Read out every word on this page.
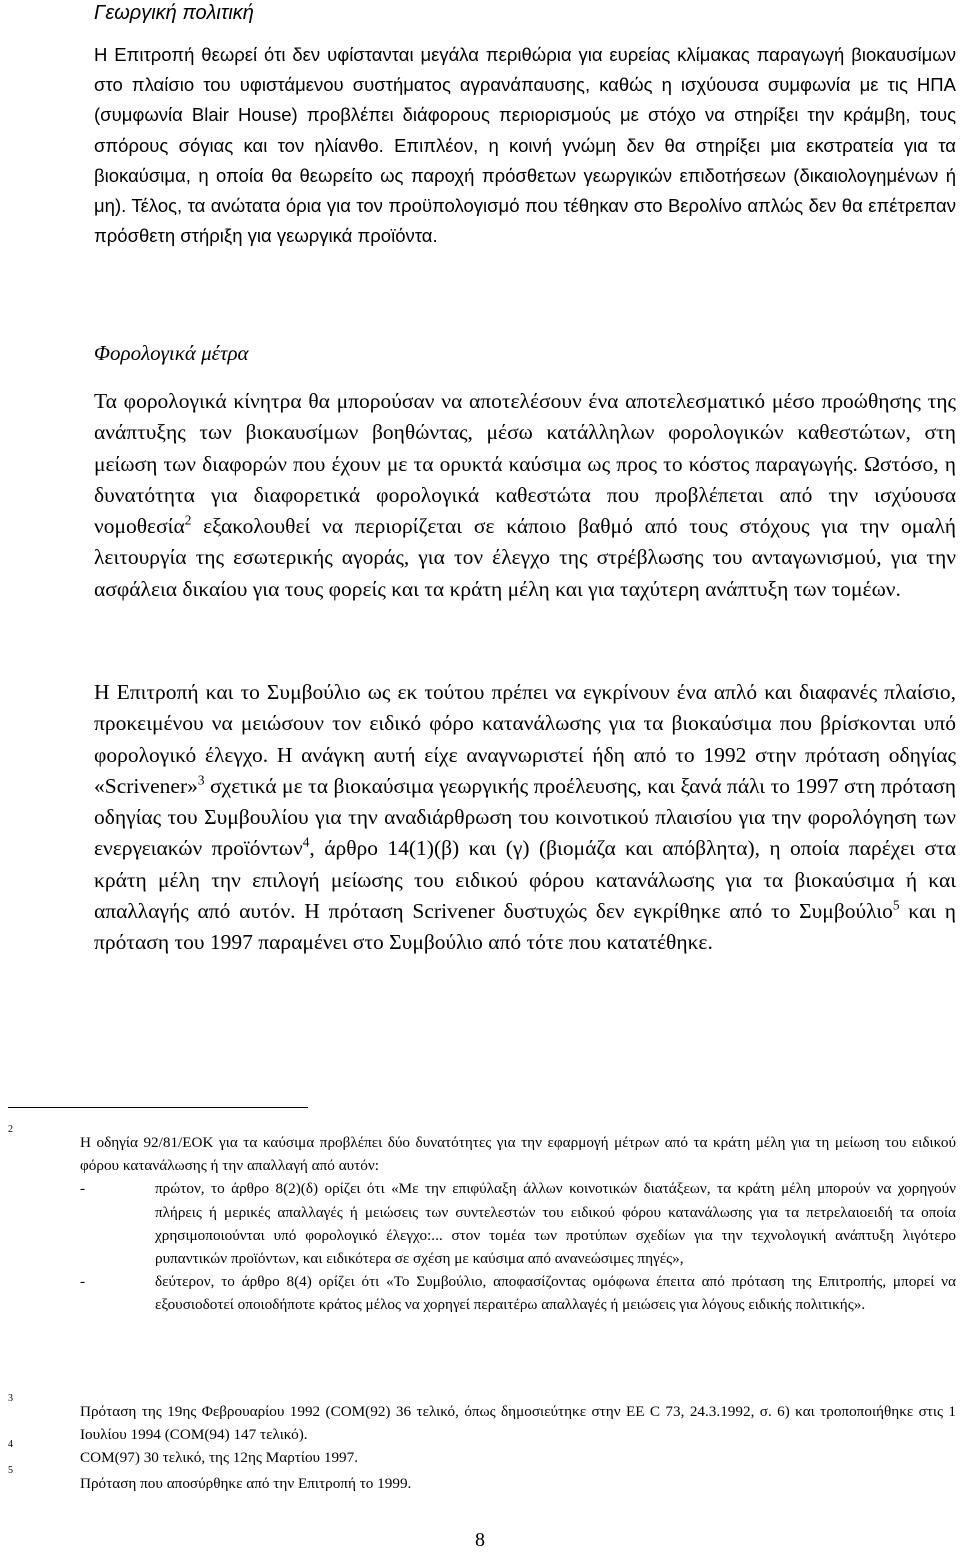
Γεωργική πολιτική

Η Επιτροπή θεωρεί ότι δεν υφίστανται μεγάλα περιθώρια για ευρείας κλίμακας παραγωγή βιοκαυσίμων στο πλαίσιο του υφιστάμενου συστήματος αγρανάπαυσης, καθώς η ισχύουσα συμφωνία με τις ΗΠΑ (συμφωνία Blair House) προβλέπει διάφορους περιορισμούς με στόχο να στηρίξει την κράμβη, τους σπόρους σόγιας και τον ηλίανθο. Επιπλέον, η κοινή γνώμη δεν θα στηρίξει μια εκστρατεία για τα βιοκαύσιμα, η οποία θα θεωρείτο ως παροχή πρόσθετων γεωργικών επιδοτήσεων (δικαιολογημένων ή μη). Τέλος, τα ανώτατα όρια για τον προϋπολογισμό που τέθηκαν στο Βερολίνο απλώς δεν θα επέτρεπαν πρόσθετη στήριξη για γεωργικά προϊόντα.

Φορολογικά μέτρα

Τα φορολογικά κίνητρα θα μπορούσαν να αποτελέσουν ένα αποτελεσματικό μέσο προώθησης της ανάπτυξης των βιοκαυσίμων βοηθώντας, μέσω κατάλληλων φορολογικών καθεστώτων, στη μείωση των διαφορών που έχουν με τα ορυκτά καύσιμα ως προς το κόστος παραγωγής. Ωστόσο, η δυνατότητα για διαφορετικά φορολογικά καθεστώτα που προβλέπεται από την ισχύουσα νομοθεσία$^2$ εξακολουθεί να περιορίζεται σε κάποιο βαθμό από τους στόχους για την ομαλή λειτουργία της εσωτερικής αγοράς, για τον έλεγχο της στρέβλωσης του ανταγωνισμού, για την ασφάλεια δικαίου για τους φορείς και τα κράτη μέλη και για ταχύτερη ανάπτυξη των τομέων.

Η Επιτροπή και το Συμβούλιο ως εκ τούτου πρέπει να εγκρίνουν ένα απλό και διαφανές πλαίσιο, προκειμένου να μειώσουν τον ειδικό φόρο κατανάλωσης για τα βιοκαύσιμα που βρίσκονται υπό φορολογικό έλεγχο. Η ανάγκη αυτή είχε αναγνωριστεί ήδη από το 1992 στην πρόταση οδηγίας «Scrivener»$^3$ σχετικά με τα βιοκαύσιμα γεωργικής προέλευσης, και ξανά πάλι το 1997 στη πρόταση οδηγίας του Συμβουλίου για την αναδιάρθρωση του κοινοτικού πλαισίου για την φορολόγηση των ενεργειακών προϊόντων$^4$, άρθρο 14(1)(β) και (γ) (βιομάζα και απόβλητα), η οποία παρέχει στα κράτη μέλη την επιλογή μείωσης του ειδικού φόρου κατανάλωσης για τα βιοκαύσιμα ή και απαλλαγής από αυτόν. Η πρόταση Scrivener δυστυχώς δεν εγκρίθηκε από το Συμβούλιο$^5$ και η πρόταση του 1997 παραμένει στο Συμβούλιο από τότε που κατατέθηκε.

2
Η οδηγία 92/81/ΕΟΚ για τα καύσιμα προβλέπει δύο δυνατότητες για την εφαρμογή μέτρων από τα κράτη μέλη για τη μείωση του ειδικού φόρου κατανάλωσης ή την απαλλαγή από αυτόν:
-	πρώτον, το άρθρο 8(2)(δ) ορίζει ότι «Με την επιφύλαξη άλλων κοινοτικών διατάξεων, τα κράτη μέλη μπορούν να χορηγούν πλήρεις ή μερικές απαλλαγές ή μειώσεις των συντελεστών του ειδικού φόρου κατανάλωσης για τα πετρελαιοειδή τα οποία χρησιμοποιούνται υπό φορολογικό έλεγχο:... στον τομέα των προτύπων σχεδίων για την τεχνολογική ανάπτυξη λιγότερο ρυπαντικών προϊόντων, και ειδικότερα σε σχέση με καύσιμα από ανανεώσιμες πηγές»,
-	δεύτερον, το άρθρο 8(4) ορίζει ότι «Το Συμβούλιο, αποφασίζοντας ομόφωνα έπειτα από πρόταση της Επιτροπής, μπορεί να εξουσιοδοτεί οποιοδήποτε κράτος μέλος να χορηγεί περαιτέρω απαλλαγές ή μειώσεις για λόγους ειδικής πολιτικής».
3
Πρόταση της 19ης Φεβρουαρίου 1992 (COM(92) 36 τελικό, όπως δημοσιεύτηκε στην ΕΕ C 73, 24.3.1992, σ. 6) και τροποποιήθηκε στις 1 Ιουλίου 1994 (COM(94) 147 τελικό).
4
COM(97) 30 τελικό, της 12ης Μαρτίου 1997.
5
Πρόταση που αποσύρθηκε από την Επιτροπή το 1999.
8
